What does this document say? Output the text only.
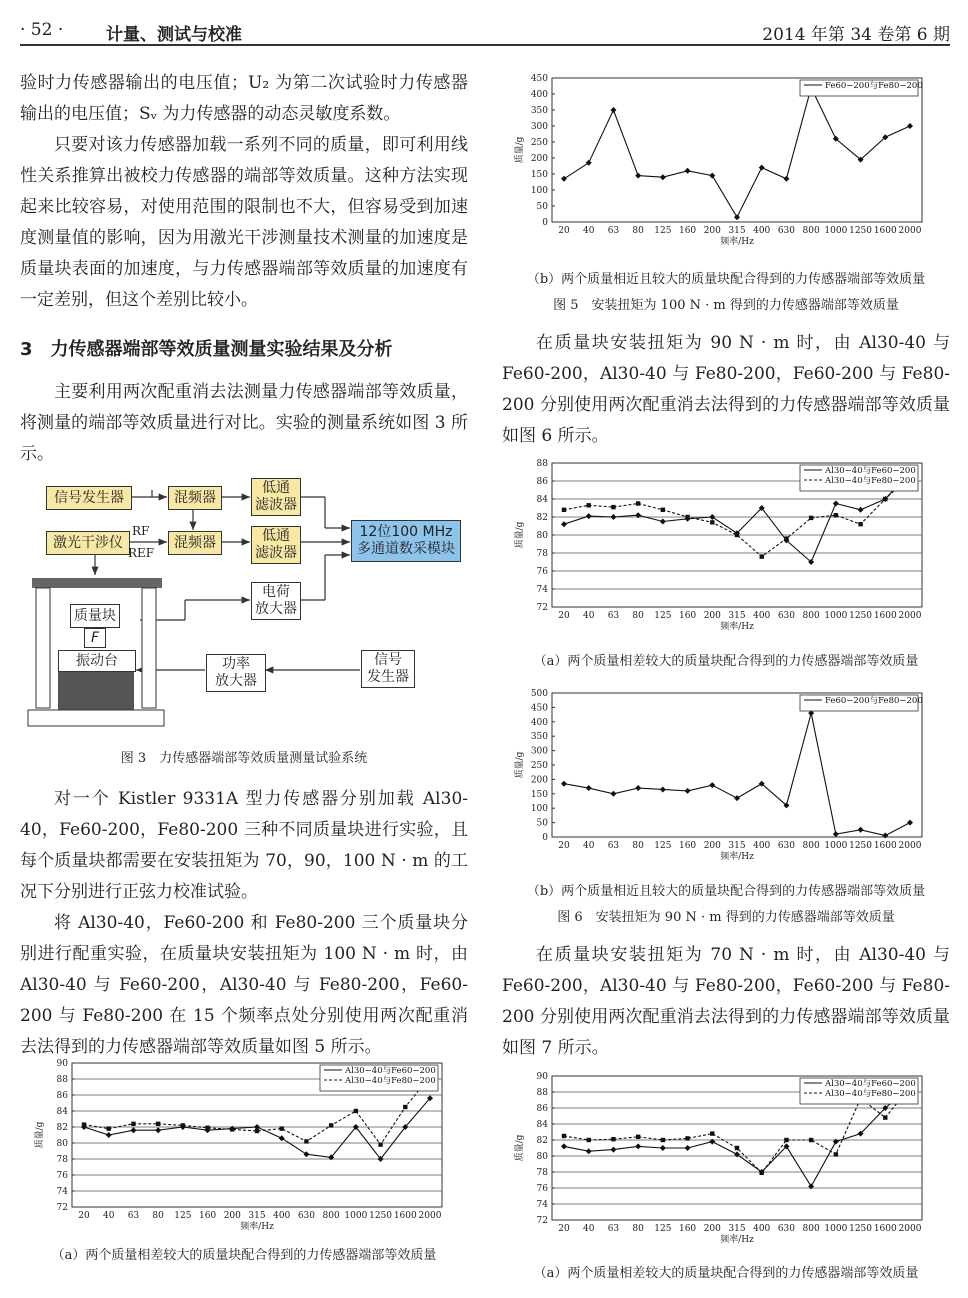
· 52 ·	计量、测试与校准	2014 年第 34 卷第 6 期

验时力传感器输出的电压值；U₂ 为第二次试验时力传感器输出的电压值；Sᵥ 为力传感器的动态灵敏度系数。

只要对该力传感器加载一系列不同的质量，即可利用线性关系推算出被校力传感器的端部等效质量。这种方法实现起来比较容易，对使用范围的限制也不大，但容易受到加速度测量值的影响，因为用激光干涉测量技术测量的加速度是质量块表面的加速度，与力传感器端部等效质量的加速度有一定差别，但这个差别比较小。

3　力传感器端部等效质量测量实验结果及分析

主要利用两次配重消去法测量力传感器端部等效质量，将测量的端部等效质量进行对比。实验的测量系统如图 3 所示。

信号发生器	混频器
低通
滤波器
激光干涉仪
RF
REF
混频器	低通
滤波器
12位100 MHz
多通道数采模块
电荷
放大器
质量块
F
振动台	功率
放大器
信号
发生器
图 3　力传感器端部等效质量测量试验系统

对一个 Kistler 9331A 型力传感器分别加载 Al30-40，Fe60-200，Fe80-200 三种不同质量块进行实验，且每个质量块都需要在安装扭矩为 70，90，100 N · m 的工况下分别进行正弦力校准试验。

将 Al30-40，Fe60-200 和 Fe80-200 三个质量块分别进行配重实验，在质量块安装扭矩为 100 N · m 时，由 Al30-40 与 Fe60-200，Al30-40 与 Fe80-200，Fe60-200 与 Fe80-200 在 15 个频率点处分别使用两次配重消去法得到的力传感器端部等效质量如图 5 所示。

72
74
76
78
80
82
84
86
88
90
20 40 63 80 125 160 200 315 400 630 800 1000 1250 1600 2000
频率/Hz
质量/g
Al30−40与Fe60−200
Al30−40与Fe80−200
（a）两个质量相差较大的质量块配合得到的力传感器端部等效质量
0
50
100
150
200
250
300
350
400
450
20 40 63 80 125 160 200 315 400 630 800 1000 1250 1600 2000
频率/Hz
质量/g
Fe60−200与Fe80−200
（b）两个质量相近且较大的质量块配合得到的力传感器端部等效质量
图 5　安装扭矩为 100 N · m 得到的力传感器端部等效质量

在质量块安装扭矩为 90 N · m 时，由 Al30-40 与 Fe60-200，Al30-40 与 Fe80-200，Fe60-200 与 Fe80-200 分别使用两次配重消去法得到的力传感器端部等效质量如图 6 所示。

72
74
76
78
80
82
84
86
88
20 40 63 80 125 160 200 315 400 630 800 1000 1250 1600 2000
频率/Hz
质量/g
Al30−40与Fe60−200
Al30−40与Fe80−200
（a）两个质量相差较大的质量块配合得到的力传感器端部等效质量
0
50
100
150
200
250
300
350
400
450
500
20 40 63 80 125 160 200 315 400 630 800 1000 1250 1600 2000
频率/Hz
质量/g
Fe60−200与Fe80−200
（b）两个质量相近且较大的质量块配合得到的力传感器端部等效质量
图 6　安装扭矩为 90 N · m 得到的力传感器端部等效质量

在质量块安装扭矩为 70 N · m 时，由 Al30-40 与 Fe60-200，Al30-40 与 Fe80-200，Fe60-200 与 Fe80-200 分别使用两次配重消去法得到的力传感器端部等效质量如图 7 所示。

72
74
76
78
80
82
84
86
88
90
20 40 63 80 125 160 200 315 400 630 800 1000 1250 1600 2000
频率/Hz
质量/g
Al30−40与Fe60−200
Al30−40与Fe80−200
（a）两个质量相差较大的质量块配合得到的力传感器端部等效质量
